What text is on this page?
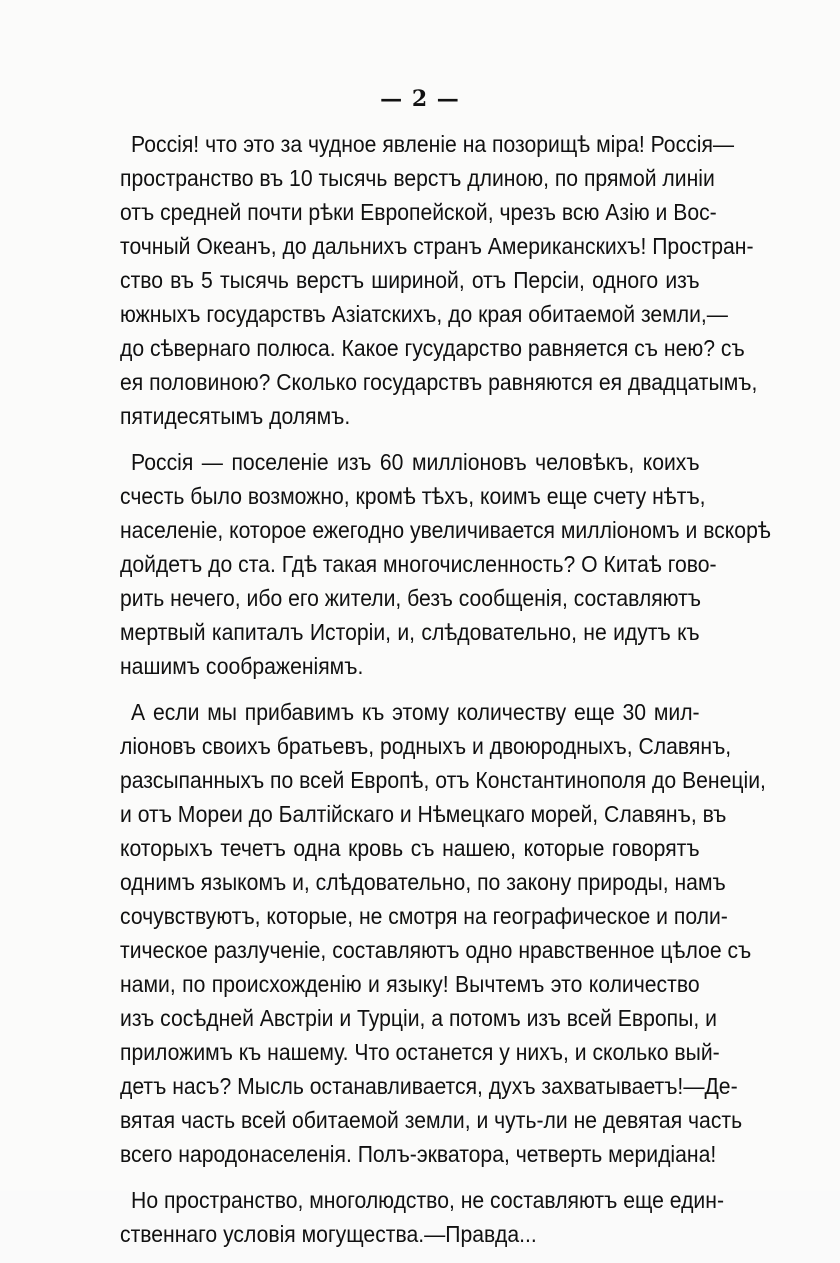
— 2 —
Россія! что это за чудное явленіе на позорищѣ міра! Россія—
пространство въ 10 тысячь верстъ длиною, по прямой линіи
отъ средней почти рѣки Европейской, чрезъ всю Азію и Вос-
точный Океанъ, до дальнихъ странъ Американскихъ! Простран-
ство въ 5 тысячь верстъ шириной, отъ Персіи, одного изъ
южныхъ государствъ Азіатскихъ, до края обитаемой земли,—
до сѣвернаго полюса. Какое гусударство равняется съ нею? съ
ея половиною? Сколько государствъ равняются ея двадцатымъ,
пятидесятымъ долямъ.
Россія — поселеніе изъ 60 милліоновъ человѣкъ, коихъ
счесть было возможно, кромѣ тѣхъ, коимъ еще счету нѣтъ,
населеніе, которое ежегодно увеличивается милліономъ и вскорѣ
дойдетъ до ста. Гдѣ такая многочисленность? О Китаѣ гово-
рить нечего, ибо его жители, безъ сообщенія, составляютъ
мертвый капиталъ Исторіи, и, слѣдовательно, не идутъ къ
нашимъ соображеніямъ.
А если мы прибавимъ къ этому количеству еще 30 мил-
ліоновъ своихъ братьевъ, родныхъ и двоюродныхъ, Славянъ,
разсыпанныхъ по всей Европѣ, отъ Константинополя до Венеціи,
и отъ Мореи до Балтійскаго и Нѣмецкаго морей, Славянъ, въ
которыхъ течетъ одна кровь съ нашею, которые говорятъ
однимъ языкомъ и, слѣдовательно, по закону природы, намъ
сочувствуютъ, которые, не смотря на географическое и поли-
тическое разлученіе, составляютъ одно нравственное цѣлое съ
нами, по происхожденію и языку! Вычтемъ это количество
изъ сосѣдней Австріи и Турціи, а потомъ изъ всей Европы, и
приложимъ къ нашему. Что останется у нихъ, и сколько вый-
детъ насъ? Мысль останавливается, духъ захватываетъ!—Де-
вятая часть всей обитаемой земли, и чуть-ли не девятая часть
всего народонаселенія. Полъ-экватора, четверть меридіана!
Но пространство, многолюдство, не составляютъ еще един-
ственнаго условія могущества.—Правда...
